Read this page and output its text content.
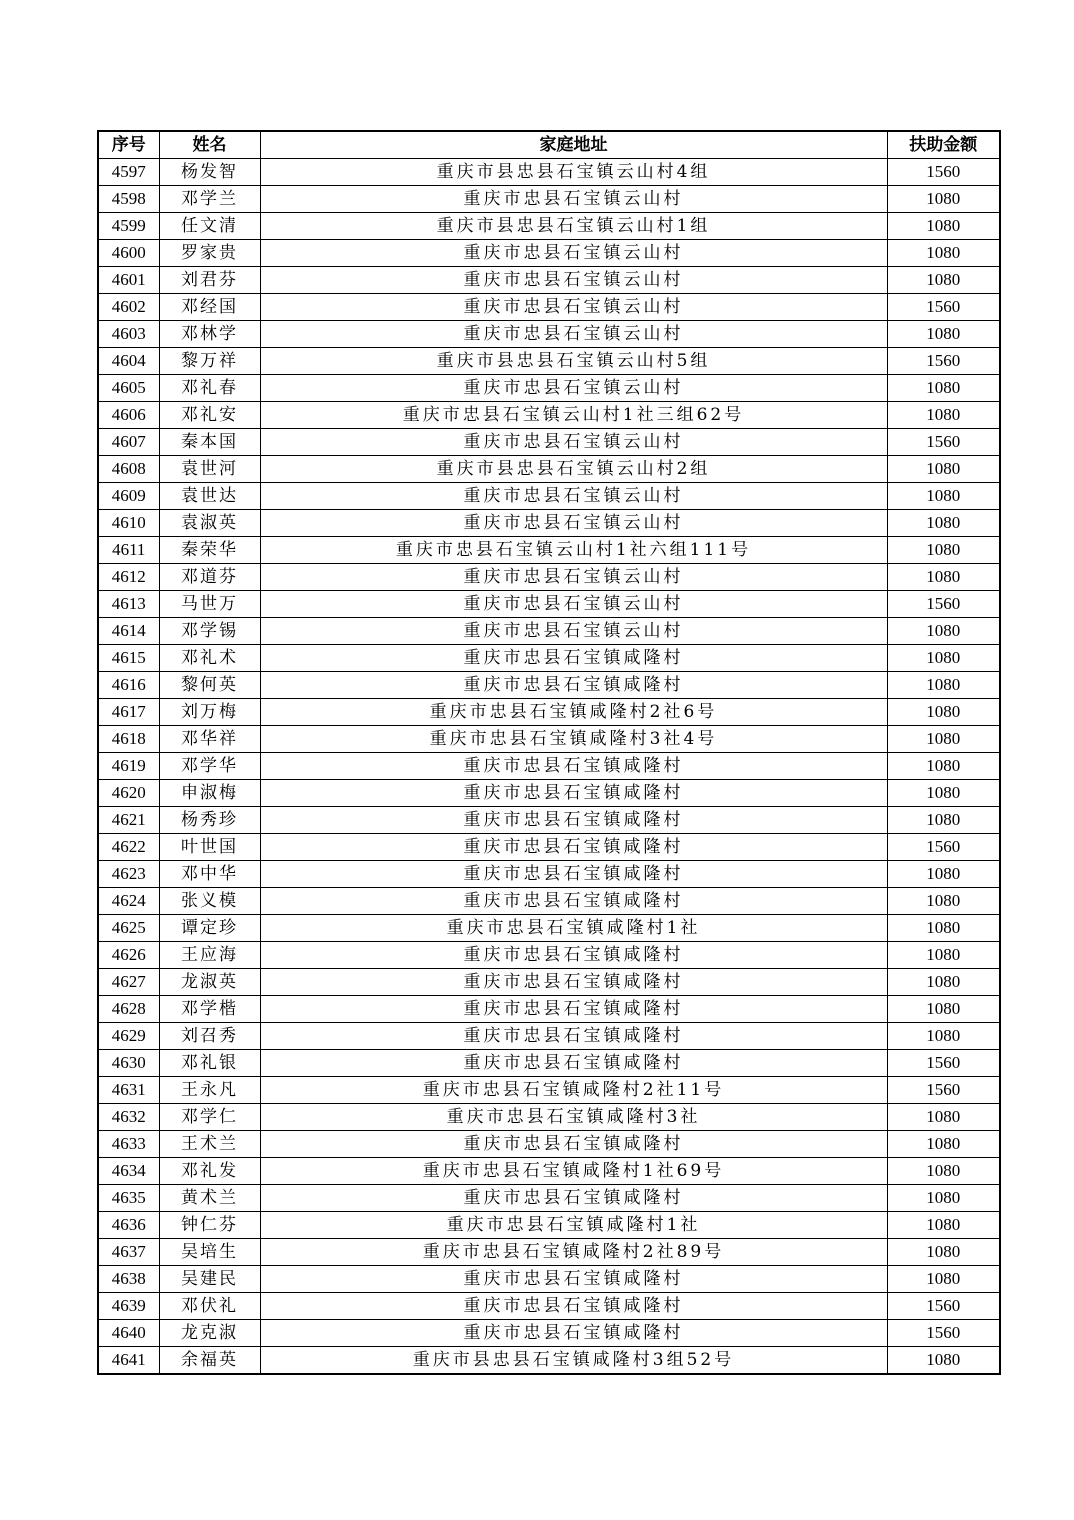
序号	姓名	家庭地址	扶助金额
4597	杨发智	重庆市县忠县石宝镇云山村4组	1560
4598	邓学兰	重庆市忠县石宝镇云山村	1080
4599	任文清	重庆市县忠县石宝镇云山村1组	1080
4600	罗家贵	重庆市忠县石宝镇云山村	1080
4601	刘君芬	重庆市忠县石宝镇云山村	1080
4602	邓经国	重庆市忠县石宝镇云山村	1560
4603	邓林学	重庆市忠县石宝镇云山村	1080
4604	黎万祥	重庆市县忠县石宝镇云山村5组	1560
4605	邓礼春	重庆市忠县石宝镇云山村	1080
4606	邓礼安	重庆市忠县石宝镇云山村1社三组62号	1080
4607	秦本国	重庆市忠县石宝镇云山村	1560
4608	袁世河	重庆市县忠县石宝镇云山村2组	1080
4609	袁世达	重庆市忠县石宝镇云山村	1080
4610	袁淑英	重庆市忠县石宝镇云山村	1080
4611	秦荣华	重庆市忠县石宝镇云山村1社六组111号	1080
4612	邓道芬	重庆市忠县石宝镇云山村	1080
4613	马世万	重庆市忠县石宝镇云山村	1560
4614	邓学锡	重庆市忠县石宝镇云山村	1080
4615	邓礼术	重庆市忠县石宝镇咸隆村	1080
4616	黎何英	重庆市忠县石宝镇咸隆村	1080
4617	刘万梅	重庆市忠县石宝镇咸隆村2社6号	1080
4618	邓华祥	重庆市忠县石宝镇咸隆村3社4号	1080
4619	邓学华	重庆市忠县石宝镇咸隆村	1080
4620	申淑梅	重庆市忠县石宝镇咸隆村	1080
4621	杨秀珍	重庆市忠县石宝镇咸隆村	1080
4622	叶世国	重庆市忠县石宝镇咸隆村	1560
4623	邓中华	重庆市忠县石宝镇咸隆村	1080
4624	张义模	重庆市忠县石宝镇咸隆村	1080
4625	谭定珍	重庆市忠县石宝镇咸隆村1社	1080
4626	王应海	重庆市忠县石宝镇咸隆村	1080
4627	龙淑英	重庆市忠县石宝镇咸隆村	1080
4628	邓学楷	重庆市忠县石宝镇咸隆村	1080
4629	刘召秀	重庆市忠县石宝镇咸隆村	1080
4630	邓礼银	重庆市忠县石宝镇咸隆村	1560
4631	王永凡	重庆市忠县石宝镇咸隆村2社11号	1560
4632	邓学仁	重庆市忠县石宝镇咸隆村3社	1080
4633	王术兰	重庆市忠县石宝镇咸隆村	1080
4634	邓礼发	重庆市忠县石宝镇咸隆村1社69号	1080
4635	黄术兰	重庆市忠县石宝镇咸隆村	1080
4636	钟仁芬	重庆市忠县石宝镇咸隆村1社	1080
4637	吴培生	重庆市忠县石宝镇咸隆村2社89号	1080
4638	吴建民	重庆市忠县石宝镇咸隆村	1080
4639	邓伏礼	重庆市忠县石宝镇咸隆村	1560
4640	龙克淑	重庆市忠县石宝镇咸隆村	1560
4641	余福英	重庆市县忠县石宝镇咸隆村3组52号	1080
